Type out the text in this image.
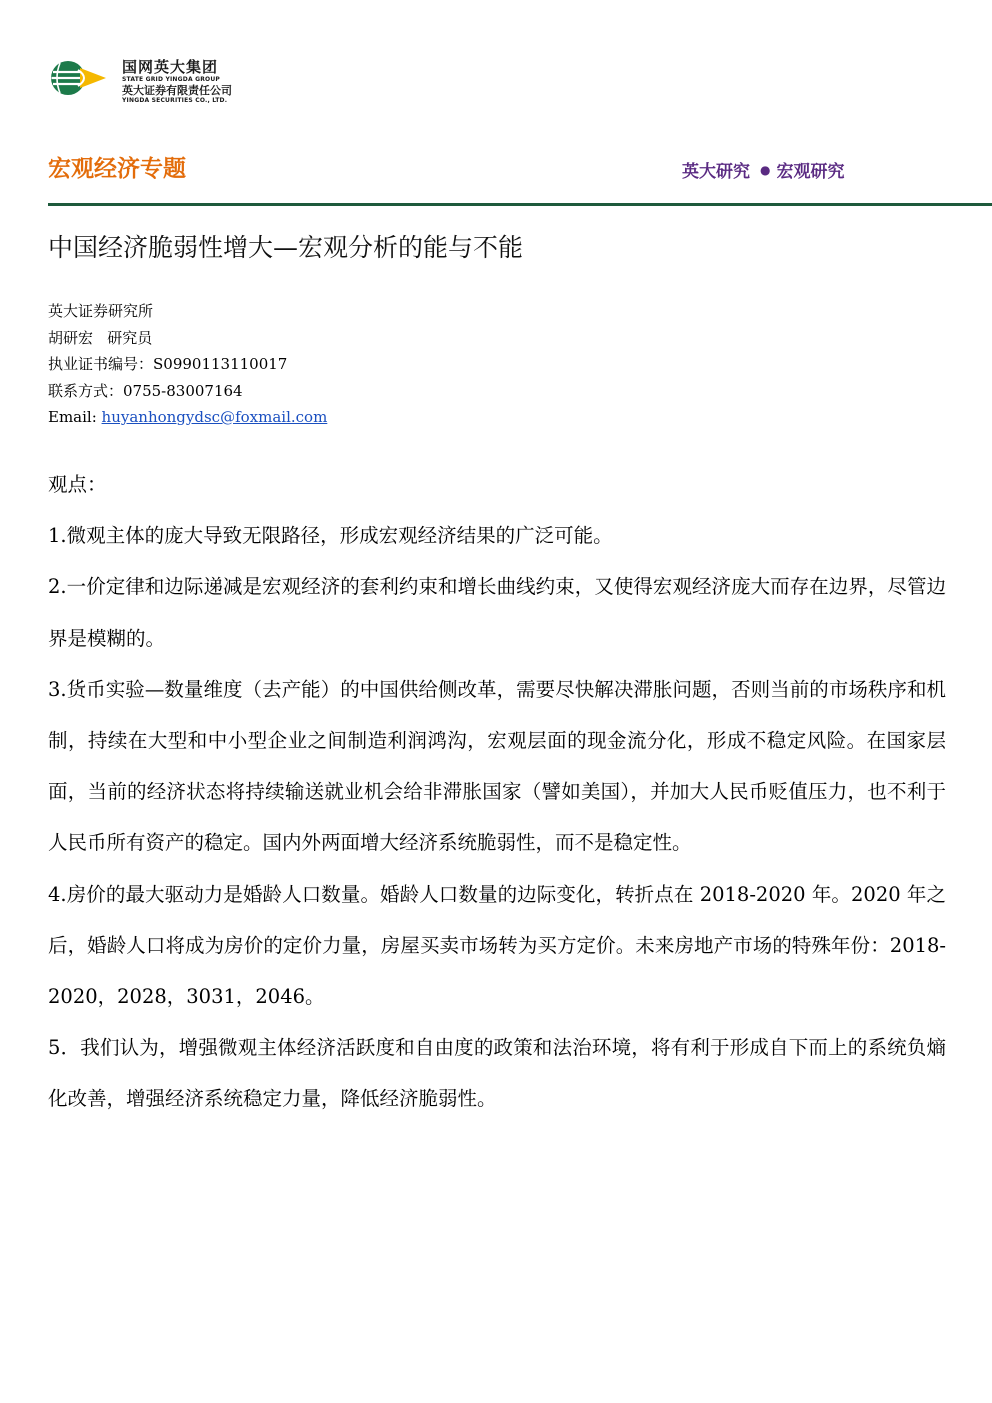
国网英大集团
STATE GRID YINGDA GROUP
英大证券有限责任公司
YINGDA SECURITIES CO., LTD.
宏观经济专题	英大研究 ● 宏观研究
中国经济脆弱性增大—宏观分析的能与不能
英大证券研究所
胡研宏   研究员
执业证书编号：S0990113110017
联系方式：0755-83007164
Email: huyanhongydsc@foxmail.com

观点：

1.微观主体的庞大导致无限路径，形成宏观经济结果的广泛可能。

2.一价定律和边际递减是宏观经济的套利约束和增长曲线约束，又使得宏观经济庞大而存在边界，尽管边界是模糊的。

3.货币实验—数量维度（去产能）的中国供给侧改革，需要尽快解决滞胀问题，否则当前的市场秩序和机制，持续在大型和中小型企业之间制造利润鸿沟，宏观层面的现金流分化，形成不稳定风险。在国家层面，当前的经济状态将持续输送就业机会给非滞胀国家（譬如美国），并加大人民币贬值压力，也不利于人民币所有资产的稳定。国内外两面增大经济系统脆弱性，而不是稳定性。

4.房价的最大驱动力是婚龄人口数量。婚龄人口数量的边际变化，转折点在 2018-2020 年。2020 年之后，婚龄人口将成为房价的定价力量，房屋买卖市场转为买方定价。未来房地产市场的特殊年份：2018-2020，2028，3031，2046。

5．我们认为，增强微观主体经济活跃度和自由度的政策和法治环境，将有利于形成自下而上的系统负熵化改善，增强经济系统稳定力量，降低经济脆弱性。
